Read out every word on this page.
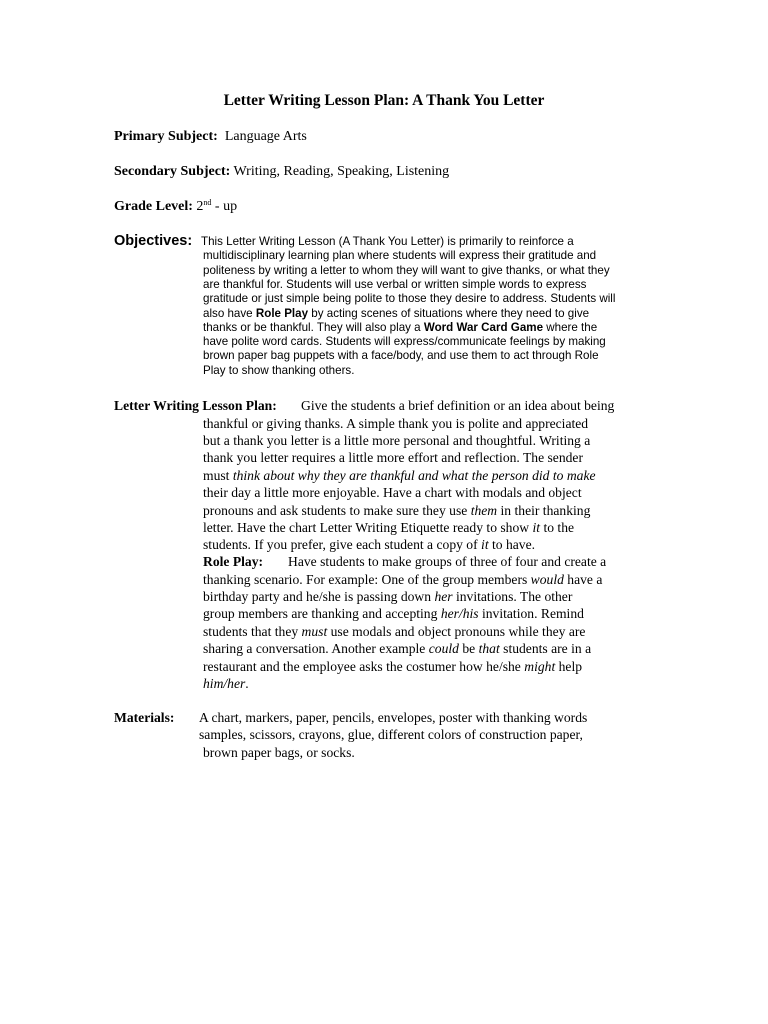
Letter Writing Lesson Plan: A Thank You Letter
Primary Subject: Language Arts
Secondary Subject: Writing, Reading, Speaking, Listening
Grade Level: 2nd - up
Objectives: This Letter Writing Lesson (A Thank You Letter) is primarily to reinforce a
multidisciplinary learning plan where students will express their gratitude and
politeness by writing a letter to whom they will want to give thanks, or what they
are thankful for. Students will use verbal or written simple words to express
gratitude or just simple being polite to those they desire to address. Students will
also have Role Play by acting scenes of situations where they need to give
thanks or be thankful. They will also play a Word War Card Game where the
have polite word cards. Students will express/communicate feelings by making
brown paper bag puppets with a face/body, and use them to act through Role
Play to show thanking others.
Letter Writing Lesson Plan: Give the students a brief definition or an idea about being
thankful or giving thanks. A simple thank you is polite and appreciated
but a thank you letter is a little more personal and thoughtful. Writing a
thank you letter requires a little more effort and reflection. The sender
must think about why they are thankful and what the person did to make
their day a little more enjoyable. Have a chart with modals and object
pronouns and ask students to make sure they use them in their thanking
letter. Have the chart Letter Writing Etiquette ready to show it to the
students. If you prefer, give each student a copy of it to have.
Role Play: Have students to make groups of three of four and create a
thanking scenario. For example: One of the group members would have a
birthday party and he/she is passing down her invitations. The other
group members are thanking and accepting her/his invitation. Remind
students that they must use modals and object pronouns while they are
sharing a conversation. Another example could be that students are in a
restaurant and the employee asks the costumer how he/she might help
him/her.
Materials: A chart, markers, paper, pencils, envelopes, poster with thanking words
samples, scissors, crayons, glue, different colors of construction paper,
brown paper bags, or socks.
